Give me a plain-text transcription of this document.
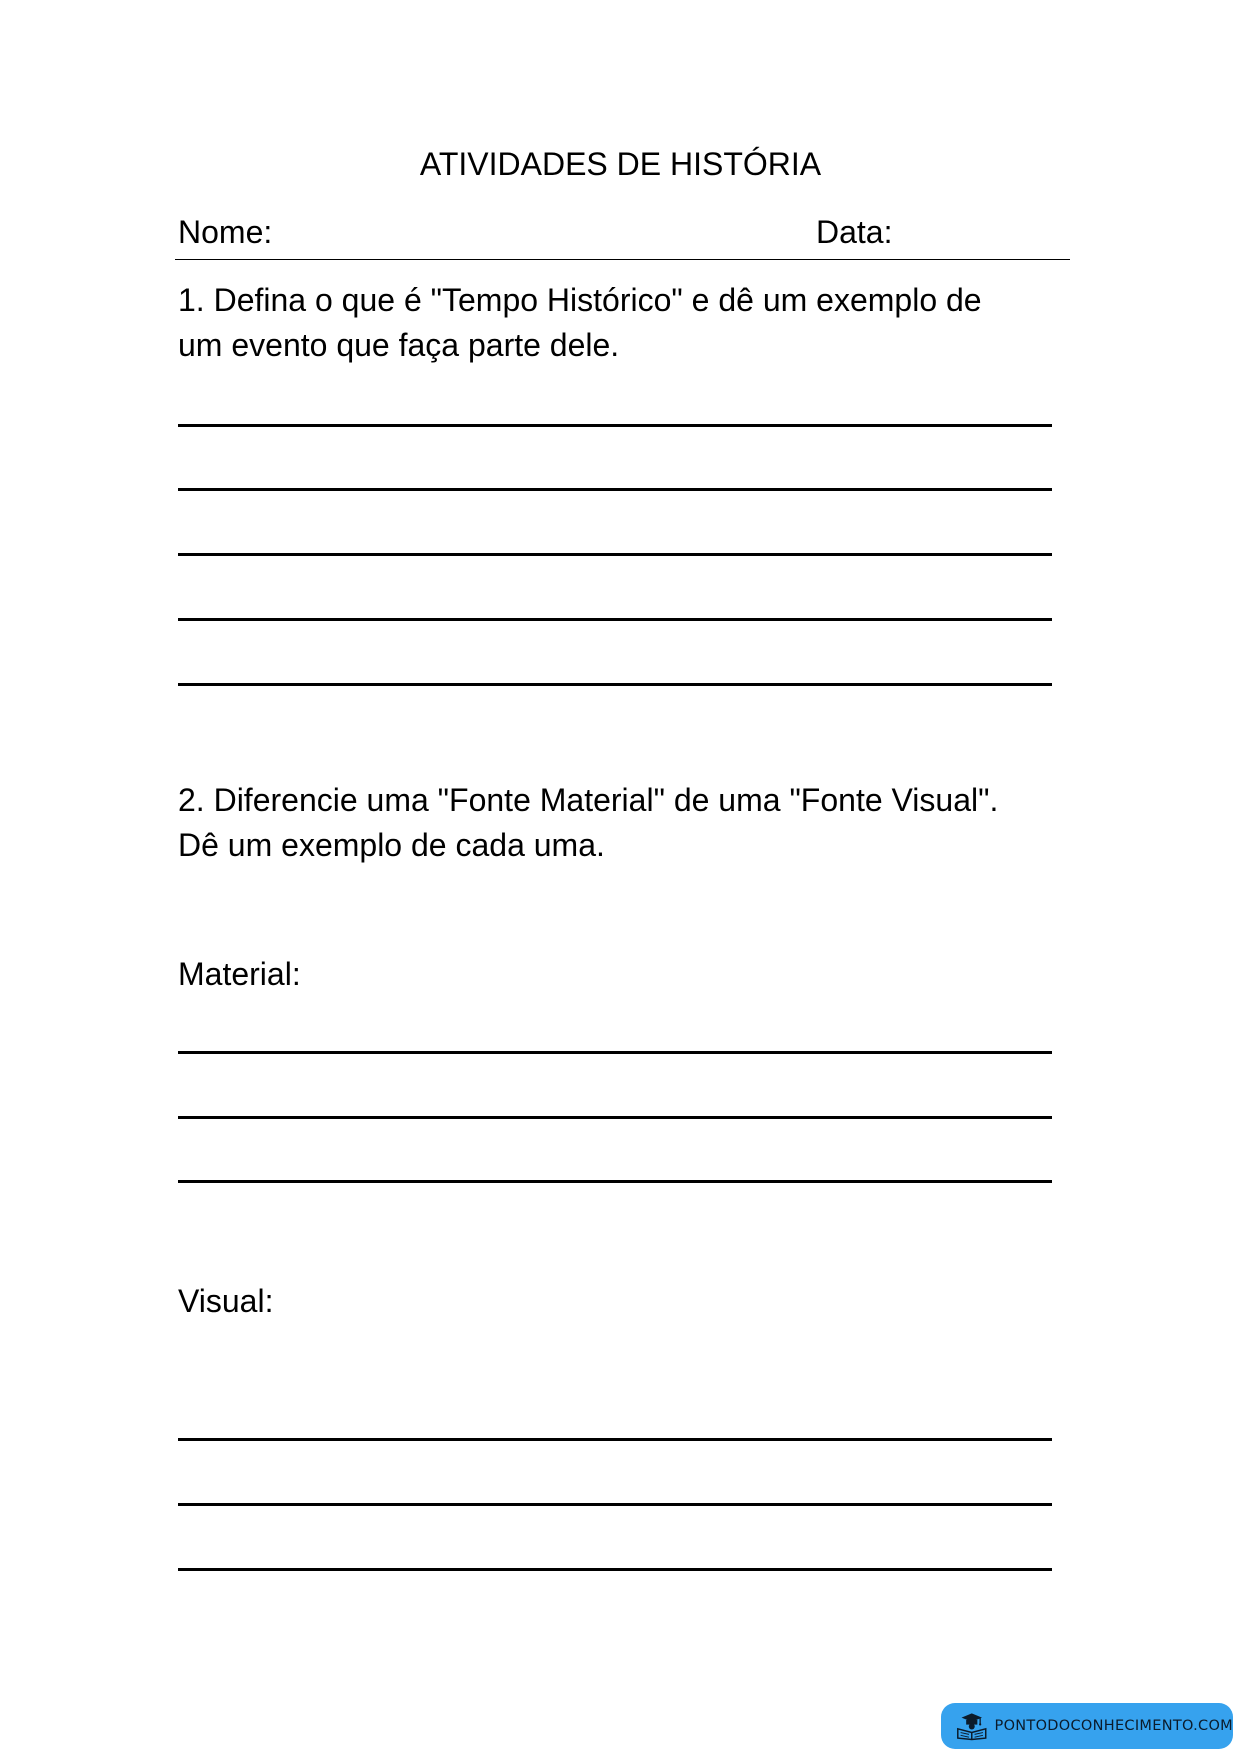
ATIVIDADES DE HISTÓRIA
Nome:	Data:
1. Defina o que é "Tempo Histórico" e dê um exemplo de
um evento que faça parte dele.
2. Diferencie uma "Fonte Material" de uma "Fonte Visual".
Dê um exemplo de cada uma.
Material:
Visual:
PONTODOCONHECIMENTO.COM
